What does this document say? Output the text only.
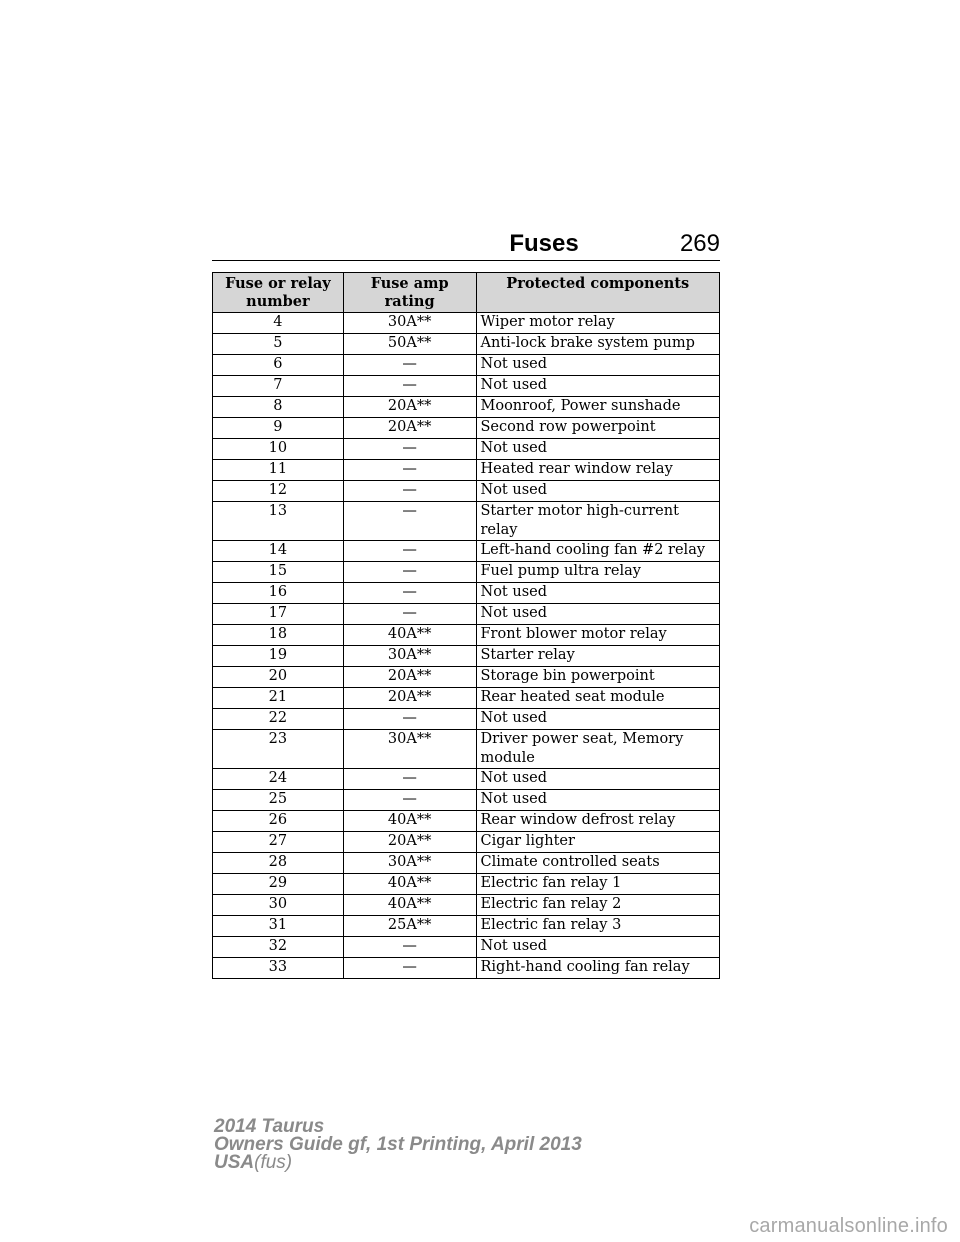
Fuses	269
Fuse or relay number	Fuse amp rating	Protected components
4	30A**	Wiper motor relay
5	50A**	Anti-lock brake system pump
6	—	Not used
7	—	Not used
8	20A**	Moonroof, Power sunshade
9	20A**	Second row powerpoint
10	—	Not used
11	—	Heated rear window relay
12	—	Not used
13	—	Starter motor high-current relay
14	—	Left-hand cooling fan #2 relay
15	—	Fuel pump ultra relay
16	—	Not used
17	—	Not used
18	40A**	Front blower motor relay
19	30A**	Starter relay
20	20A**	Storage bin powerpoint
21	20A**	Rear heated seat module
22	—	Not used
23	30A**	Driver power seat, Memory module
24	—	Not used
25	—	Not used
26	40A**	Rear window defrost relay
27	20A**	Cigar lighter
28	30A**	Climate controlled seats
29	40A**	Electric fan relay 1
30	40A**	Electric fan relay 2
31	25A**	Electric fan relay 3
32	—	Not used
33	—	Right-hand cooling fan relay
2014 Taurus
Owners Guide gf, 1st Printing, April 2013
USA(fus)
carmanualsonline.info
